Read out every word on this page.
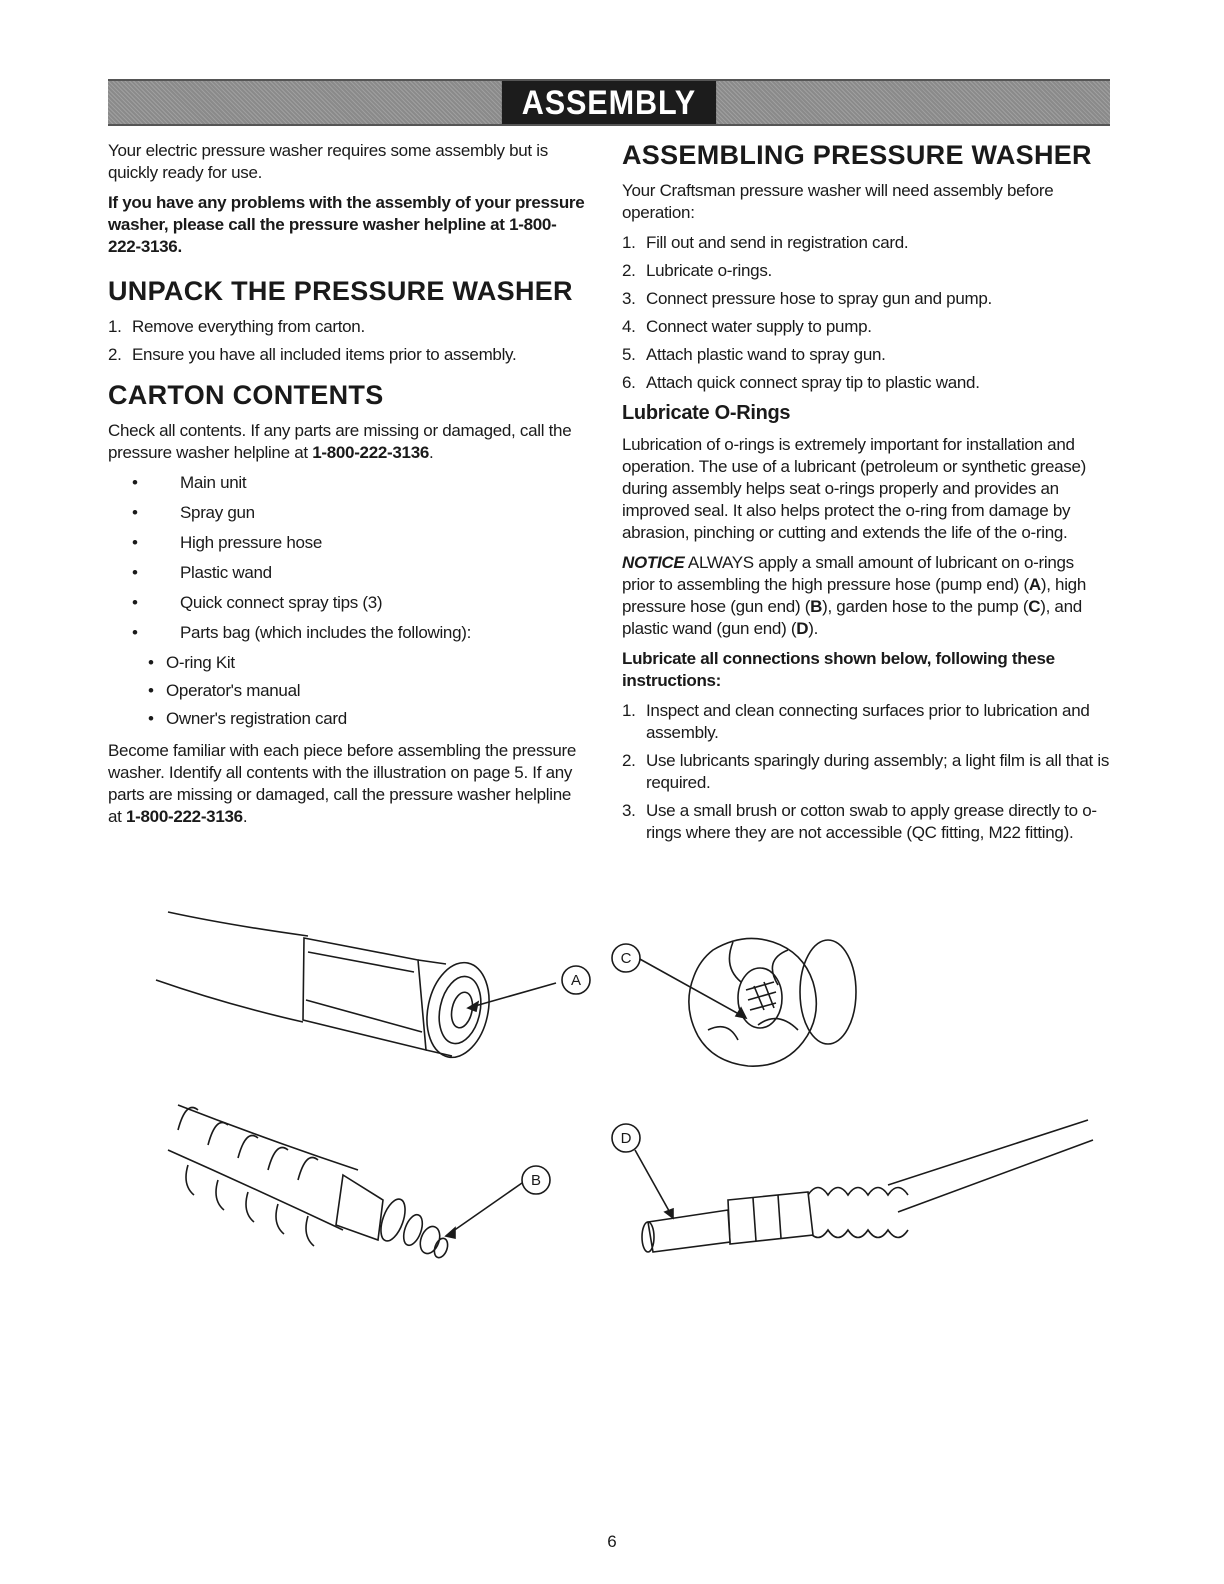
ASSEMBLY

Your electric pressure washer requires some assembly but is quickly ready for use.

If you have any problems with the assembly of your pressure washer, please call the pressure washer helpline at 1-800-222-3136.

UNPACK THE PRESSURE WASHER
1. Remove everything from carton.
2. Ensure you have all included items prior to assembly.
CARTON CONTENTS

Check all contents. If any parts are missing or damaged, call the pressure washer helpline at 1-800-222-3136.

•	Main unit
•	Spray gun
•	High pressure hose
•	Plastic wand
•	Quick connect spray tips (3)
•	Parts bag (which includes the following):
• O-ring Kit
• Operator's manual
• Owner's registration card

Become familiar with each piece before assembling the pressure washer. Identify all contents with the illustration on page 5. If any parts are missing or damaged, call the pressure washer helpline at 1-800-222-3136.

ASSEMBLING PRESSURE WASHER

Your Craftsman pressure washer will need assembly before operation:

1. Fill out and send in registration card.
2. Lubricate o-rings.
3. Connect pressure hose to spray gun and pump.
4. Connect water supply to pump.
5. Attach plastic wand to spray gun.
6. Attach quick connect spray tip to plastic wand.
Lubricate O-Rings

Lubrication of o-rings is extremely important for installation and operation. The use of a lubricant (petroleum or synthetic grease) during assembly helps seat o-rings properly and provides an improved seal. It also helps protect the o-ring from damage by abrasion, pinching or cutting and extends the life of the o-ring.

NOTICE ALWAYS apply a small amount of lubricant on o-rings prior to assembling the high pressure hose (pump end) (A), high pressure hose (gun end) (B), garden hose to the pump (C), and plastic wand (gun end) (D).

Lubricate all connections shown below, following these instructions:

1. Inspect and clean connecting surfaces prior to lubrication and assembly.
2. Use lubricants sparingly during assembly; a light film is all that is required.
3. Use a small brush or cotton swab to apply grease directly to o-rings where they are not accessible (QC fitting, M22 fitting).
A
B
C
D
6
